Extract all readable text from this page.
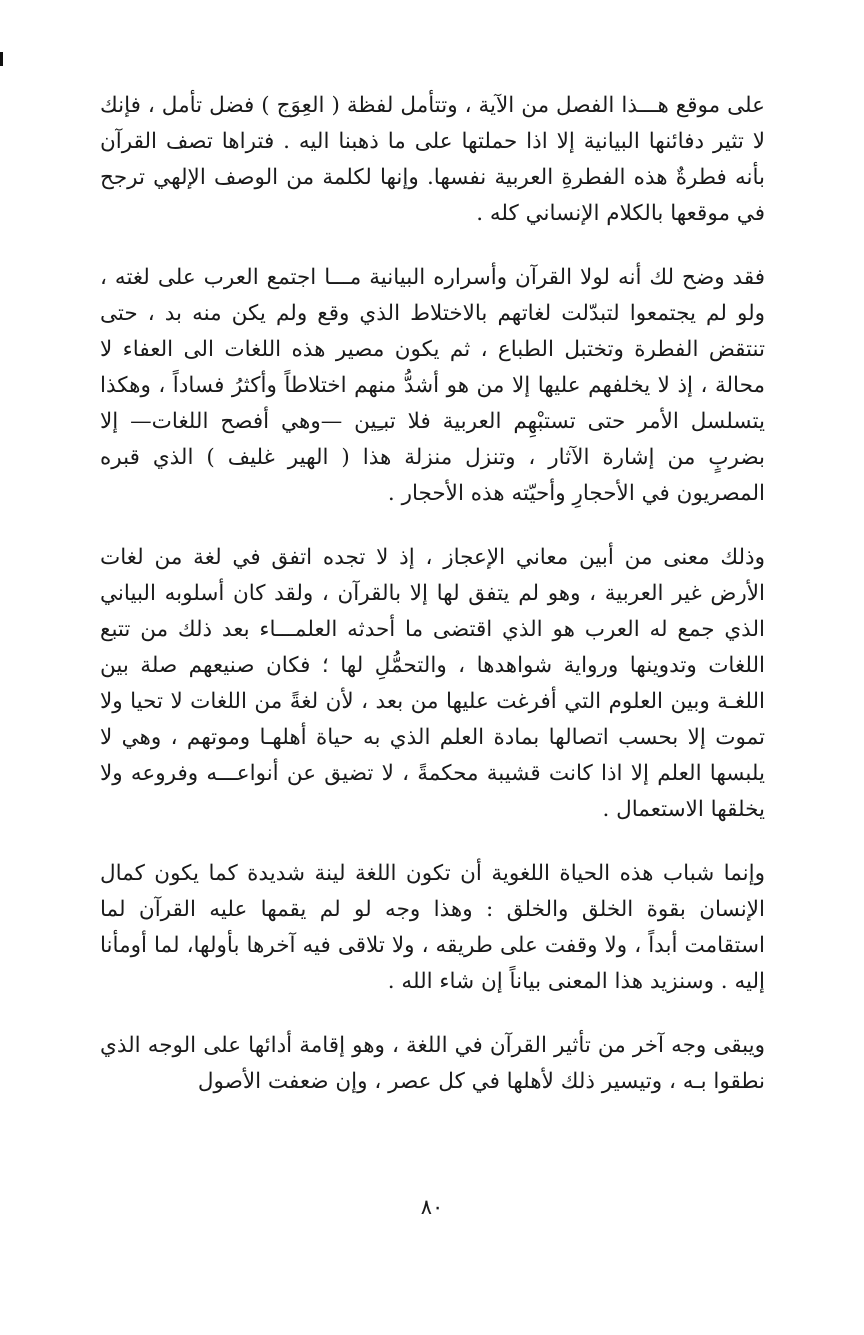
على موقع هـــذا الفصل من الآية ، وتتأمل لفظة ( العِوَج ) فضل تأمل ، فإنك لا تثير دفائنها البيانية إلا اذا حملتها على ما ذهبنا اليه . فتراها تصف القرآن بأنه فطرةٌ هذه الفطرةِ العربية نفسها. وإنها لكلمة من الوصف الإلهي ترجح في موقعها بالكلام الإنساني كله .

فقد وضح لك أنه لولا القرآن وأسراره البيانية مـــا اجتمع العرب على لغته ، ولو لم يجتمعوا لتبدّلت لغاتهم بالاختلاط الذي وقع ولم يكن منه بد ، حتى تنتقض الفطرة وتختبل الطباع ، ثم يكون مصير هذه اللغات الى العفاء لا محالة ، إذ لا يخلفهم عليها إلا من هو أشدُّ منهم اختلاطاً وأكثرُ فساداً ، وهكذا يتسلسل الأمر حتى تستبْهِم العربية فلا تبـِين —وهي أفصح اللغات— إلا بضربٍ من إشارة الآثار ، وتنزل منزلة هذا ( الهير غليف ) الذي قبره المصريون في الأحجارِ وأحيّته هذه الأحجار .

وذلك معنى من أبين معاني الإعجاز ، إذ لا تجده اتفق في لغة من لغات الأرض غير العربية ، وهو لم يتفق لها إلا بالقرآن ، ولقد كان أسلوبه البياني الذي جمع له العرب هو الذي اقتضى ما أحدثه العلمـــاء بعد ذلك من تتبع اللغات وتدوينها ورواية شواهدها ، والتحمُّلِ لها ؛ فكان صنيعهم صلة بين اللغـة وبين العلوم التي أفرغت عليها من بعد ، لأن لغةً من اللغات لا تحيا ولا تموت إلا بحسب اتصالها بمادة العلم الذي به حياة أهلهـا وموتهم ، وهي لا يلبسها العلم إلا اذا كانت قشيبة محكمةً ، لا تضيق عن أنواعـــه وفروعه ولا يخلقها الاستعمال .

وإنما شباب هذه الحياة اللغوية أن تكون اللغة لينة شديدة كما يكون كمال الإنسان بقوة الخلق والخلق : وهذا وجه لو لم يقمها عليه القرآن لما استقامت أبداً ، ولا وقفت على طريقه ، ولا تلاقى فيه آخرها بأولها، لما أومأنا إليه . وسنزيد هذا المعنى بياناً إن شاء الله .

ويبقى وجه آخر من تأثير القرآن في اللغة ، وهو إقامة أدائها على الوجه الذي نطقوا بـه ، وتيسير ذلك لأهلها في كل عصر ، وإن ضعفت الأصول

٨٠
